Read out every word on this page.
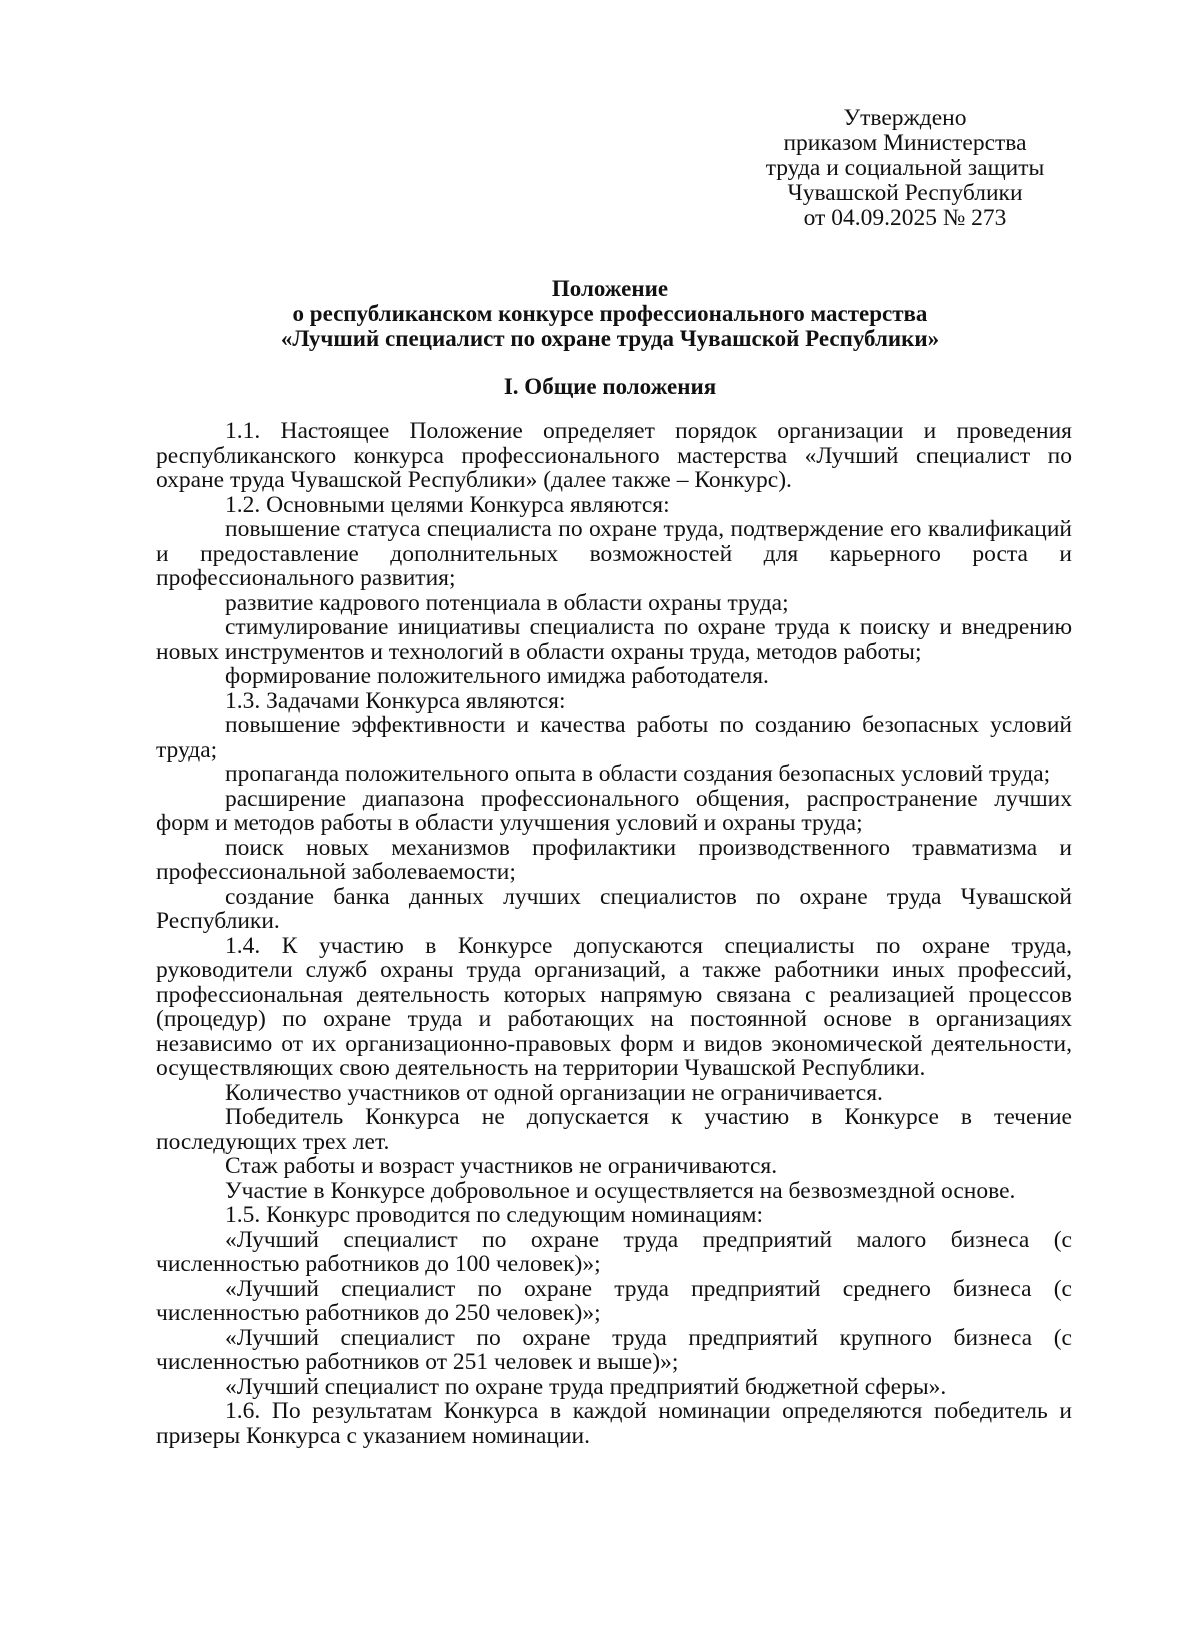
Утверждено
приказом Министерства
труда и социальной защиты
Чувашской Республики
от 04.09.2025 № 273
Положение
о республиканском конкурсе профессионального мастерства
«Лучший специалист по охране труда Чувашской Республики»
I. Общие положения

1.1. Настоящее Положение определяет порядок организации и проведения республиканского конкурса профессионального мастерства «Лучший специалист по охране труда Чувашской Республики» (далее также – Конкурс).

1.2. Основными целями Конкурса являются:

повышение статуса специалиста по охране труда, подтверждение его квалификаций и предоставление дополнительных возможностей для карьерного роста и профессионального развития;

развитие кадрового потенциала в области охраны труда;

стимулирование инициативы специалиста по охране труда к поиску и внедрению новых инструментов и технологий в области охраны труда, методов работы;

формирование положительного имиджа работодателя.

1.3. Задачами Конкурса являются:

повышение эффективности и качества работы по созданию безопасных условий труда;

пропаганда положительного опыта в области создания безопасных условий труда;

расширение диапазона профессионального общения, распространение лучших форм и методов работы в области улучшения условий и охраны труда;

поиск новых механизмов профилактики производственного травматизма и профессиональной заболеваемости;

создание банка данных лучших специалистов по охране труда Чувашской Республики.

1.4. К участию в Конкурсе допускаются специалисты по охране труда, руководители служб охраны труда организаций, а также работники иных профессий, профессиональная деятельность которых напрямую связана с реализацией процессов (процедур) по охране труда и работающих на постоянной основе в организациях независимо от их организационно-правовых форм и видов экономической деятельности, осуществляющих свою деятельность на территории Чувашской Республики.

Количество участников от одной организации не ограничивается.

Победитель Конкурса не допускается к участию в Конкурсе в течение последующих трех лет.

Стаж работы и возраст участников не ограничиваются.

Участие в Конкурсе добровольное и осуществляется на безвозмездной основе.

1.5. Конкурс проводится по следующим номинациям:

«Лучший специалист по охране труда предприятий малого бизнеса (с численностью работников до 100 человек)»;

«Лучший специалист по охране труда предприятий среднего бизнеса (с численностью работников до 250 человек)»;

«Лучший специалист по охране труда предприятий крупного бизнеса (с численностью работников от 251 человек и выше)»;

«Лучший специалист по охране труда предприятий бюджетной сферы».

1.6. По результатам Конкурса в каждой номинации определяются победитель и призеры Конкурса с указанием номинации.
